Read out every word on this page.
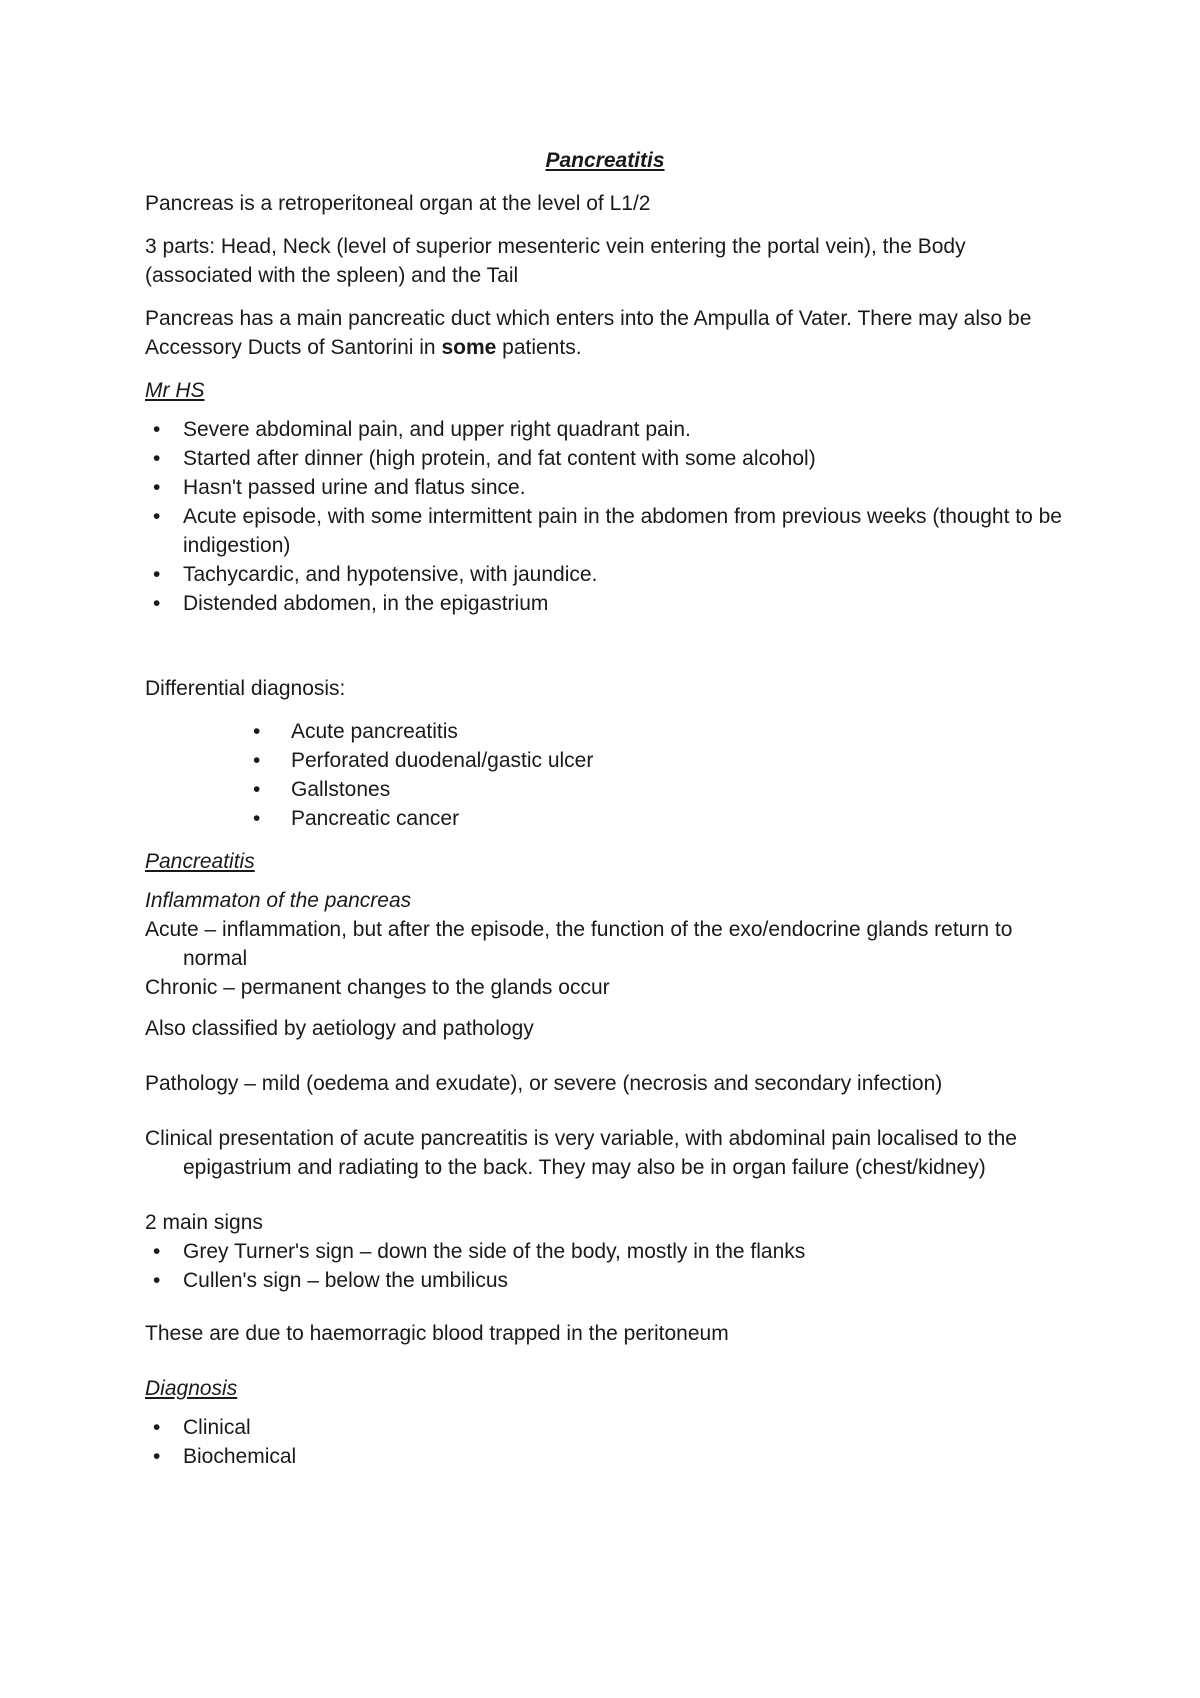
Pancreatitis

Pancreas is a retroperitoneal organ at the level of L1/2

3 parts: Head, Neck (level of superior mesenteric vein entering the portal vein), the Body (associated with the spleen) and the Tail

Pancreas has a main pancreatic duct which enters into the Ampulla of Vater. There may also be Accessory Ducts of Santorini in some patients.

Mr HS
• Severe abdominal pain, and upper right quadrant pain.
• Started after dinner (high protein, and fat content with some alcohol)
• Hasn't passed urine and flatus since.
• Acute episode, with some intermittent pain in the abdomen from previous weeks (thought to be indigestion)
• Tachycardic, and hypotensive, with jaundice.
• Distended abdomen, in the epigastrium

Differential diagnosis:

• Acute pancreatitis
• Perforated duodenal/gastic ulcer
• Gallstones
• Pancreatic cancer
Pancreatitis
Inflammaton of the pancreas
Acute – inflammation, but after the episode, the function of the exo/endocrine glands return to normal
Chronic – permanent changes to the glands occur

Also classified by aetiology and pathology

Pathology – mild (oedema and exudate), or severe (necrosis and secondary infection)

Clinical presentation of acute pancreatitis is very variable, with abdominal pain localised to the epigastrium and radiating to the back. They may also be in organ failure (chest/kidney)
2 main signs
• Grey Turner's sign – down the side of the body, mostly in the flanks
• Cullen's sign – below the umbilicus

These are due to haemorragic blood trapped in the peritoneum

Diagnosis
• Clinical
• Biochemical
